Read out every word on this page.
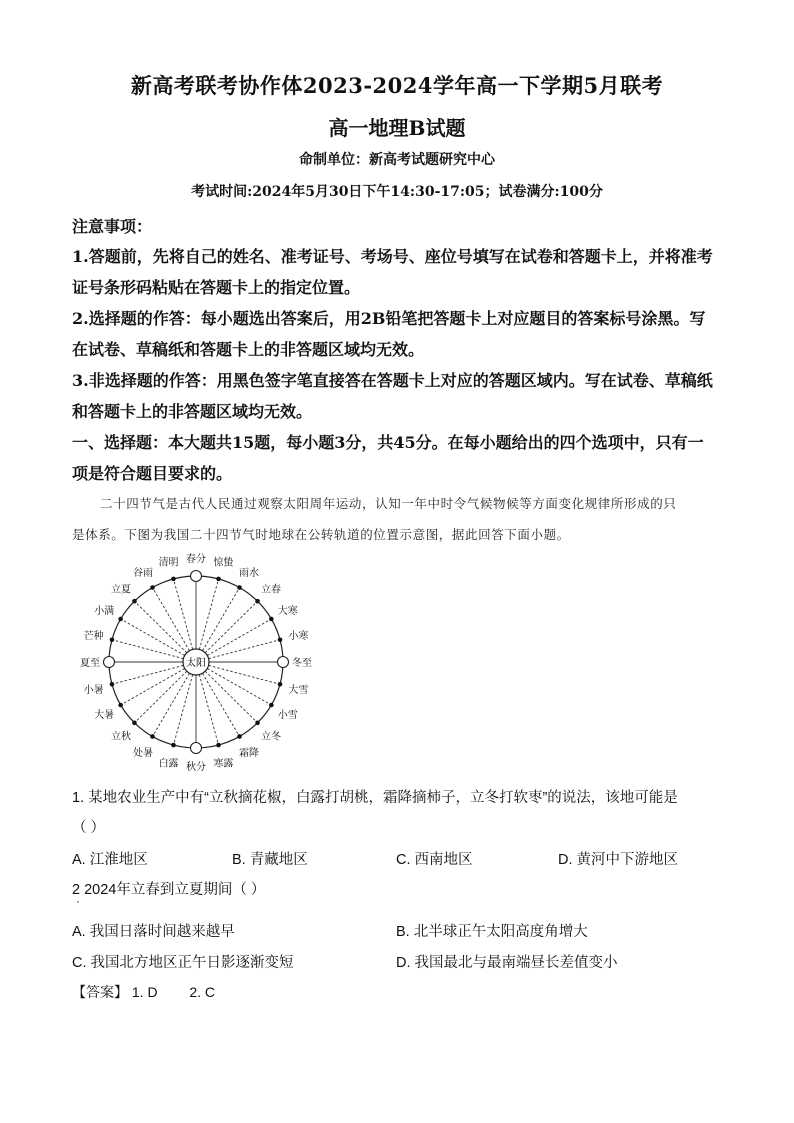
新高考联考协作体2023-2024学年高一下学期5月联考
高一地理B试题
命制单位：新高考试题研究中心
考试时间:2024年5月30日下午14:30-17:05；试卷满分:100分
注意事项：
1.答题前，先将自己的姓名、准考证号、考场号、座位号填写在试卷和答题卡上，并将准考
证号条形码粘贴在答题卡上的指定位置。
2.选择题的作答：每小题选出答案后，用2B铅笔把答题卡上对应题目的答案标号涂黑。写
在试卷、草稿纸和答题卡上的非答题区域均无效。
3.非选择题的作答：用黑色签字笔直接答在答题卡上对应的答题区域内。写在试卷、草稿纸
和答题卡上的非答题区域均无效。
一、选择题：本大题共15题，每小题3分，共45分。在每小题给出的四个选项中，只有一
项是符合题目要求的。
二十四节气是古代人民通过观察太阳周年运动，认知一年中时令气候物候等方面变化规律所形成的只
是体系。下图为我国二十四节气时地球在公转轨道的位置示意图，据此回答下面小题。
冬至
小寒
大寒
立春
雨水
惊蛰
春分
清明
谷雨
立夏
小满
芒种
夏至
小暑
大暑
立秋
处暑
白露 秋分 寒露
霜降
立冬
小雪
大雪
太阳
1. 某地农业生产中有“立秋摘花椒，白露打胡桃，霜降摘柿子，立冬打软枣”的说法，该地可能是
（ ）
A. 江淮地区	B. 青藏地区	C. 西南地区	D. 黄河中下游地区
2 2024年立春到立夏期间（ ）
·
A. 我国日落时间越来越早	B. 北半球正午太阳高度角增大
C. 我国北方地区正午日影逐渐变短	D. 我国最北与最南端昼长差值变小
【答案】 1. D 2. C
